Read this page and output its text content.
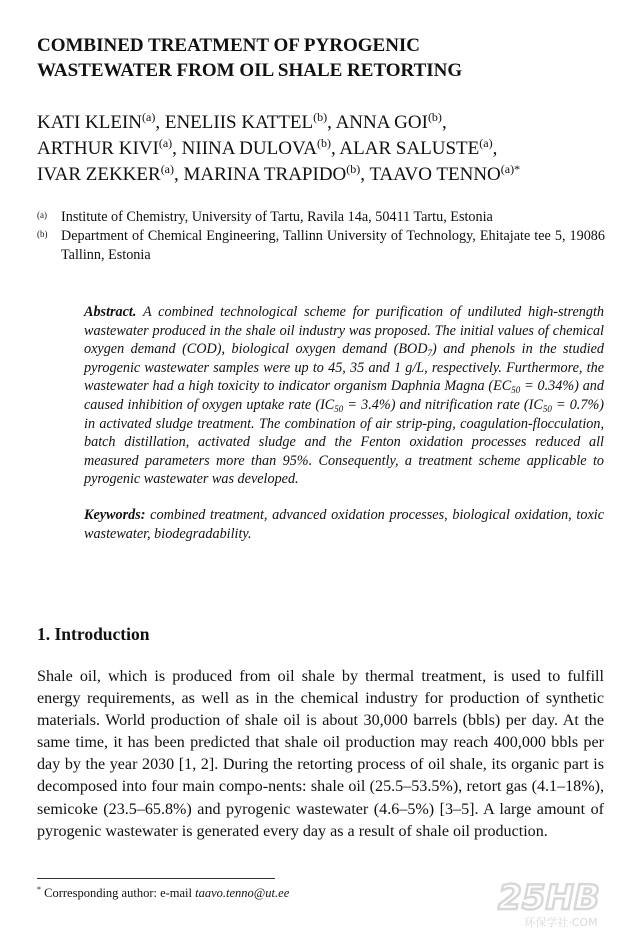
COMBINED TREATMENT OF PYROGENIC
WASTEWATER FROM OIL SHALE RETORTING
KATI KLEIN$^{(a)}$, ENELIIS KATTEL$^{(b)}$, ANNA GOI$^{(b)}$,
ARTHUR KIVI$^{(a)}$, NIINA DULOVA$^{(b)}$, ALAR SALUSTE$^{(a)}$,
IVAR ZEKKER$^{(a)}$, MARINA TRAPIDO$^{(b)}$, TAAVO $TENNO^{(a)*}$
(a) Institute of Chemistry, University of Tartu, Ravila 14a, 50411 Tartu, Estonia
(b) Department of Chemical Engineering, Tallinn University of Technology, Ehitajate tee 5, 19086 Tallinn, Estonia

Abstract. A combined technological scheme for purification of undiluted high-strength wastewater produced in the shale oil industry was proposed. The initial values of chemical oxygen demand (COD), biological oxygen demand $(BOD_7)$ and phenols in the studied pyrogenic wastewater samples were up to 45, 35 and 1 g/L, respectively. Furthermore, the wastewater had a high toxicity to indicator organism Daphnia Magna $(EC_{50} = 0.34\%)$ and caused inhibition of oxygen uptake rate $(IC_{50} = 3.4\%)$ and nitrification rate $(IC_{50} = 0.7\%)$ in activated sludge treatment. The combination of air strip-ping, coagulation-flocculation, batch distillation, activated sludge and the Fenton oxidation processes reduced all measured parameters more than 95%. Consequently, a treatment scheme applicable to pyrogenic wastewater was developed.

Keywords: combined treatment, advanced oxidation processes, biological oxidation, toxic wastewater, biodegradability.

1. Introduction

Shale oil, which is produced from oil shale by thermal treatment, is used to fulfill energy requirements, as well as in the chemical industry for production of synthetic materials. World production of shale oil is about 30,000 barrels (bbls) per day. At the same time, it has been predicted that shale oil production may reach 400,000 bbls per day by the year 2030 [1, 2]. During the retorting process of oil shale, its organic part is decomposed into four main compo-nents: shale oil (25.5–53.5%), retort gas (4.1–18%), semicoke (23.5–65.8%) and pyrogenic wastewater (4.6–5%) [3–5]. A large amount of pyrogenic wastewater is generated every day as a result of shale oil production.

* Corresponding author: e-mail taavo.tenno@ut.ee	25HB
环保学社·COM
